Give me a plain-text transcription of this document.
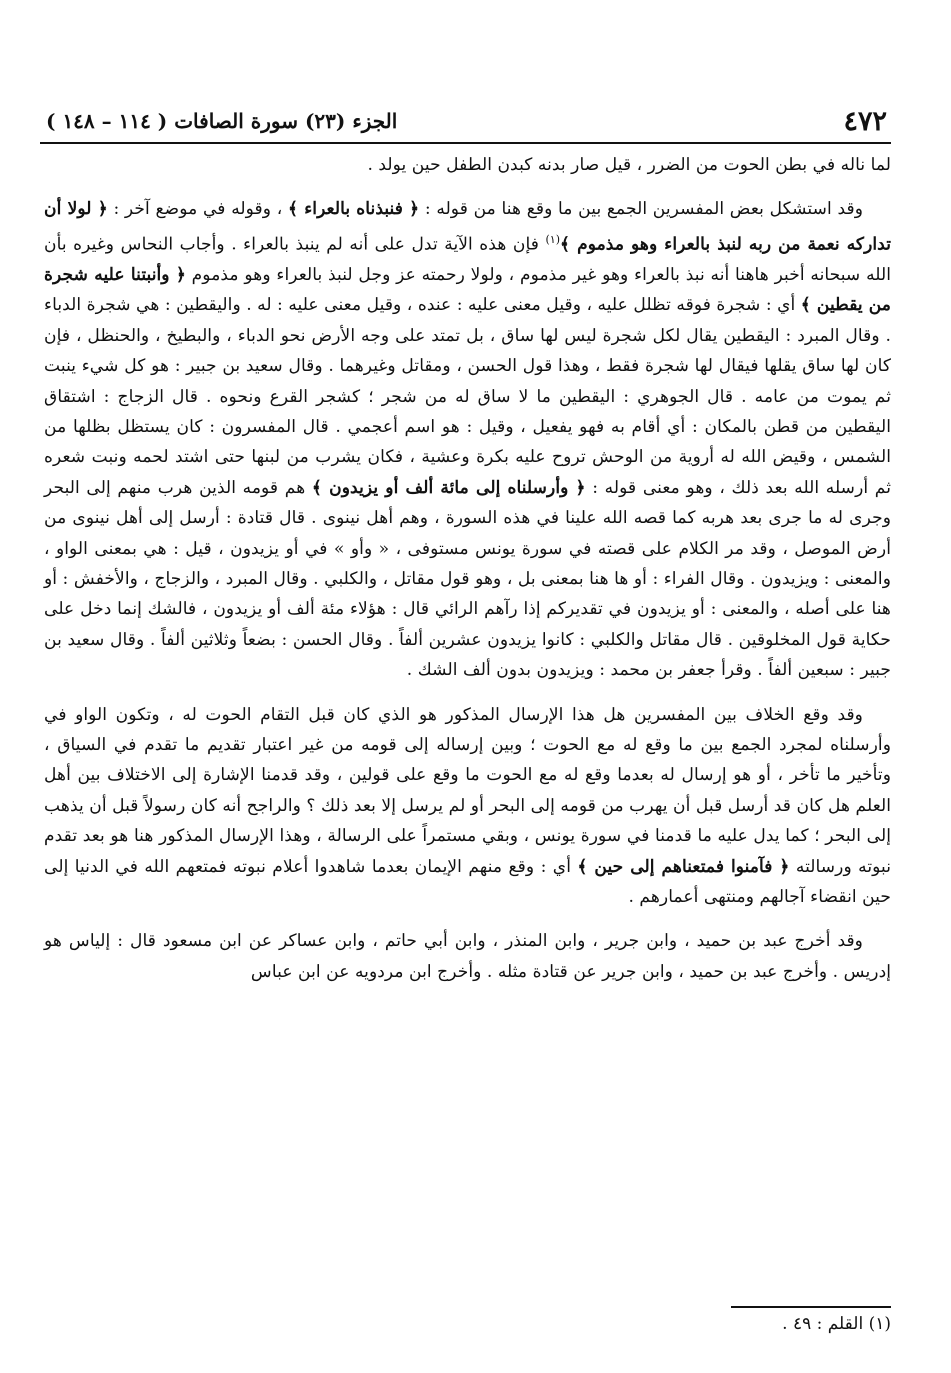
٤٧٢
الجزء (٢٣) سورة الصافات ( ١١٤ – ١٤٨ )

لما ناله في بطن الحوت من الضرر ، قيل صار بدنه كبدن الطفل حين يولد .

وقد استشكل بعض المفسرين الجمع بين ما وقع هنا من قوله : ﴿ فنبذناه بالعراء ﴾ ، وقوله في موضع آخر : ﴿ لولا أن تداركه نعمة من ربه لنبذ بالعراء وهو مذموم ﴾$^{(١)}$ فإن هذه الآية تدل على أنه لم ينبذ بالعراء . وأجاب النحاس وغيره بأن الله سبحانه أخبر هاهنا أنه نبذ بالعراء وهو غير مذموم ، ولولا رحمته عز وجل لنبذ بالعراء وهو مذموم ﴿ وأنبتنا عليه شجرة من يقطين ﴾ أي : شجرة فوقه تظلل عليه ، وقيل معنى عليه : عنده ، وقيل معنى عليه : له . واليقطين : هي شجرة الدباء . وقال المبرد : اليقطين يقال لكل شجرة ليس لها ساق ، بل تمتد على وجه الأرض نحو الدباء ، والبطيخ ، والحنظل ، فإن كان لها ساق يقلها فيقال لها شجرة فقط ، وهذا قول الحسن ، ومقاتل وغيرهما . وقال سعيد بن جبير : هو كل شيء ينبت ثم يموت من عامه . قال الجوهري : اليقطين ما لا ساق له من شجر ؛ كشجر القرع ونحوه . قال الزجاج : اشتقاق اليقطين من قطن بالمكان : أي أقام به فهو يفعيل ، وقيل : هو اسم أعجمي . قال المفسرون : كان يستظل بظلها من الشمس ، وقيض الله له أروية من الوحش تروح عليه بكرة وعشية ، فكان يشرب من لبنها حتى اشتد لحمه ونبت شعره ثم أرسله الله بعد ذلك ، وهو معنى قوله : ﴿ وأرسلناه إلى مائة ألف أو يزيدون ﴾ هم قومه الذين هرب منهم إلى البحر وجرى له ما جرى بعد هربه كما قصه الله علينا في هذه السورة ، وهم أهل نينوى . قال قتادة : أرسل إلى أهل نينوى من أرض الموصل ، وقد مر الكلام على قصته في سورة يونس مستوفى ، « وأو » في أو يزيدون ، قيل : هي بمعنى الواو ، والمعنى : ويزيدون . وقال الفراء : أو ها هنا بمعنى بل ، وهو قول مقاتل ، والكلبي . وقال المبرد ، والزجاج ، والأخفش : أو هنا على أصله ، والمعنى : أو يزيدون في تقديركم إذا رآهم الرائي قال : هؤلاء مئة ألف أو يزيدون ، فالشك إنما دخل على حكاية قول المخلوقين . قال مقاتل والكلبي : كانوا يزيدون عشرين ألفاً . وقال الحسن : بضعاً وثلاثين ألفاً . وقال سعيد بن جبير : سبعين ألفاً . وقرأ جعفر بن محمد : ويزيدون بدون ألف الشك .

وقد وقع الخلاف بين المفسرين هل هذا الإرسال المذكور هو الذي كان قبل التقام الحوت له ، وتكون الواو في وأرسلناه لمجرد الجمع بين ما وقع له مع الحوت ؛ وبين إرساله إلى قومه من غير اعتبار تقديم ما تقدم في السياق ، وتأخير ما تأخر ، أو هو إرسال له بعدما وقع له مع الحوت ما وقع على قولين ، وقد قدمنا الإشارة إلى الاختلاف بين أهل العلم هل كان قد أرسل قبل أن يهرب من قومه إلى البحر أو لم يرسل إلا بعد ذلك ؟ والراجح أنه كان رسولاً قبل أن يذهب إلى البحر ؛ كما يدل عليه ما قدمنا في سورة يونس ، وبقي مستمراً على الرسالة ، وهذا الإرسال المذكور هنا هو بعد تقدم نبوته ورسالته ﴿ فآمنوا فمتعناهم إلى حين ﴾ أي : وقع منهم الإيمان بعدما شاهدوا أعلام نبوته فمتعهم الله في الدنيا إلى حين انقضاء آجالهم ومنتهى أعمارهم .

وقد أخرج عبد بن حميد ، وابن جرير ، وابن المنذر ، وابن أبي حاتم ، وابن عساكر عن ابن مسعود قال : إلياس هو إدريس . وأخرج عبد بن حميد ، وابن جرير عن قتادة مثله . وأخرج ابن مردويه عن ابن عباس

(١) القلم : ٤٩ .
